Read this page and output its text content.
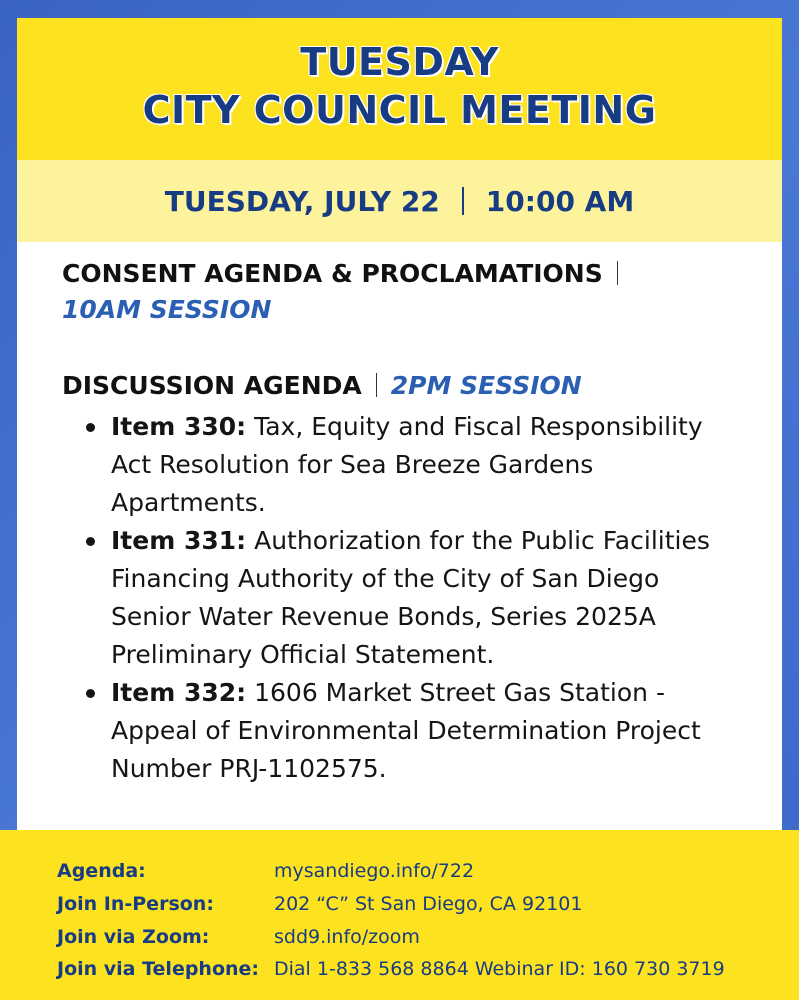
TUESDAY
CITY COUNCIL MEETING
TUESDAY, JULY 22 10:00 AM
CONSENT AGENDA & PROCLAMATIONS
10AM SESSION
DISCUSSION AGENDA 2PM SESSION
Item 330: Tax, Equity and Fiscal Responsibility Act Resolution for Sea Breeze Gardens Apartments.
Item 331: Authorization for the Public Facilities Financing Authority of the City of San Diego Senior Water Revenue Bonds, Series 2025A Preliminary Official Statement.
Item 332: 1606 Market Street Gas Station - Appeal of Environmental Determination Project Number PRJ-1102575.
Agenda:	mysandiego.info/722
Join In-Person:	202 “C” St San Diego, CA 92101
Join via Zoom:	sdd9.info/zoom
Join via Telephone: Dial 1-833 568 8864 Webinar ID: 160 730 3719
